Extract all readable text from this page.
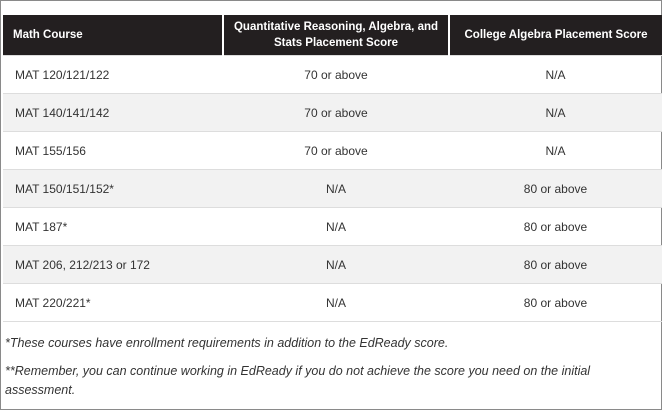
Math Course	Quantitative Reasoning, Algebra, and Stats Placement Score	College Algebra Placement Score
MAT 120/121/122	70 or above	N/A
MAT 140/141/142	70 or above	N/A
MAT 155/156	70 or above	N/A
MAT 150/151/152*	N/A	80 or above
MAT 187*	N/A	80 or above
MAT 206, 212/213 or 172	N/A	80 or above
MAT 220/221*	N/A	80 or above

*These courses have enrollment requirements in addition to the EdReady score.

**Remember, you can continue working in EdReady if you do not achieve the score you need on the initial assessment.
